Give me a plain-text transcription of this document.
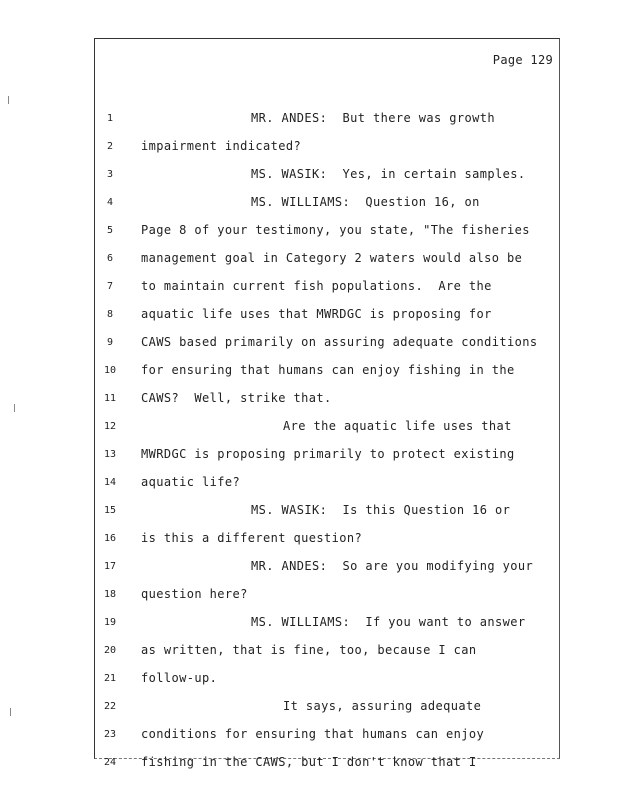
Page 129
1	MR. ANDES:  But there was growth
2	impairment indicated?
3	MS. WASIK:  Yes, in certain samples.
4	MS. WILLIAMS:  Question 16, on
5	Page 8 of your testimony, you state, "The fisheries
6	management goal in Category 2 waters would also be
7	to maintain current fish populations.  Are the
8	aquatic life uses that MWRDGC is proposing for
9	CAWS based primarily on assuring adequate conditions
10	for ensuring that humans can enjoy fishing in the
11	CAWS?  Well, strike that.
12	Are the aquatic life uses that
13	MWRDGC is proposing primarily to protect existing
14	aquatic life?
15	MS. WASIK:  Is this Question 16 or
16	is this a different question?
17	MR. ANDES:  So are you modifying your
18	question here?
19	MS. WILLIAMS:  If you want to answer
20	as written, that is fine, too, because I can
21	follow-up.
22	It says, assuring adequate
23	conditions for ensuring that humans can enjoy
24	fishing in the CAWS, but I don't know that I
